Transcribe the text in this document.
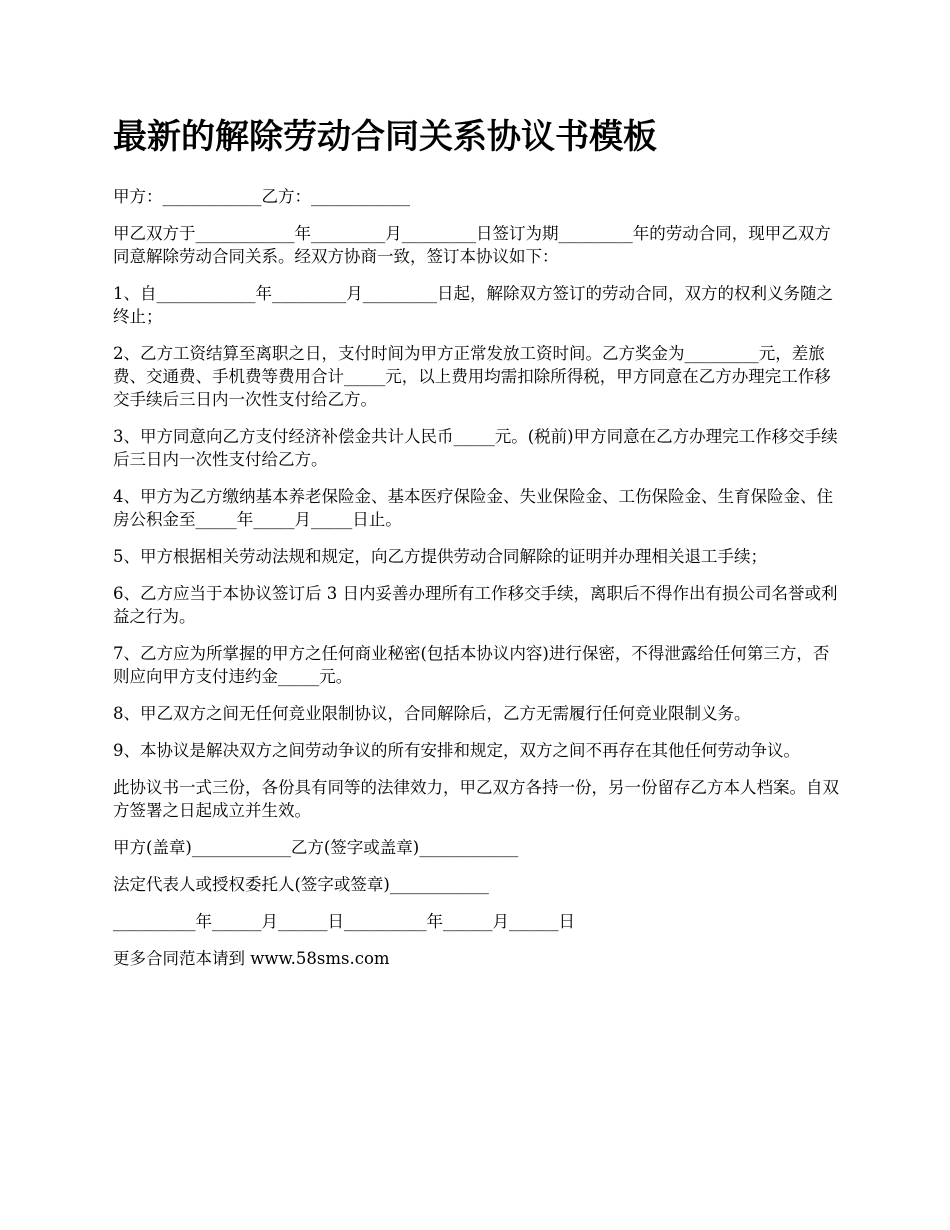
最新的解除劳动合同关系协议书模板

甲方：____________乙方：____________

甲乙双方于____________年_________月_________日签订为期_________年的劳动合同，现甲乙双方同意解除劳动合同关系。经双方协商一致，签订本协议如下：

1、自____________年_________月_________日起，解除双方签订的劳动合同，双方的权利义务随之终止；

2、乙方工资结算至离职之日，支付时间为甲方正常发放工资时间。乙方奖金为_________元，差旅费、交通费、手机费等费用合计_____元，以上费用均需扣除所得税，甲方同意在乙方办理完工作移交手续后三日内一次性支付给乙方。

3、甲方同意向乙方支付经济补偿金共计人民币_____元。(税前)甲方同意在乙方办理完工作移交手续后三日内一次性支付给乙方。

4、甲方为乙方缴纳基本养老保险金、基本医疗保险金、失业保险金、工伤保险金、生育保险金、住房公积金至_____年_____月_____日止。

5、甲方根据相关劳动法规和规定，向乙方提供劳动合同解除的证明并办理相关退工手续；

6、乙方应当于本协议签订后 3 日内妥善办理所有工作移交手续，离职后不得作出有损公司名誉或利益之行为。

7、乙方应为所掌握的甲方之任何商业秘密(包括本协议内容)进行保密，不得泄露给任何第三方，否则应向甲方支付违约金_____元。

8、甲乙双方之间无任何竞业限制协议，合同解除后，乙方无需履行任何竞业限制义务。

9、本协议是解决双方之间劳动争议的所有安排和规定，双方之间不再存在其他任何劳动争议。

此协议书一式三份，各份具有同等的法律效力，甲乙双方各持一份，另一份留存乙方本人档案。自双方签署之日起成立并生效。

甲方(盖章)____________乙方(签字或盖章)____________

法定代表人或授权委托人(签字或签章)____________

__________年______月______日__________年______月______日

更多合同范本请到 www.58sms.com
